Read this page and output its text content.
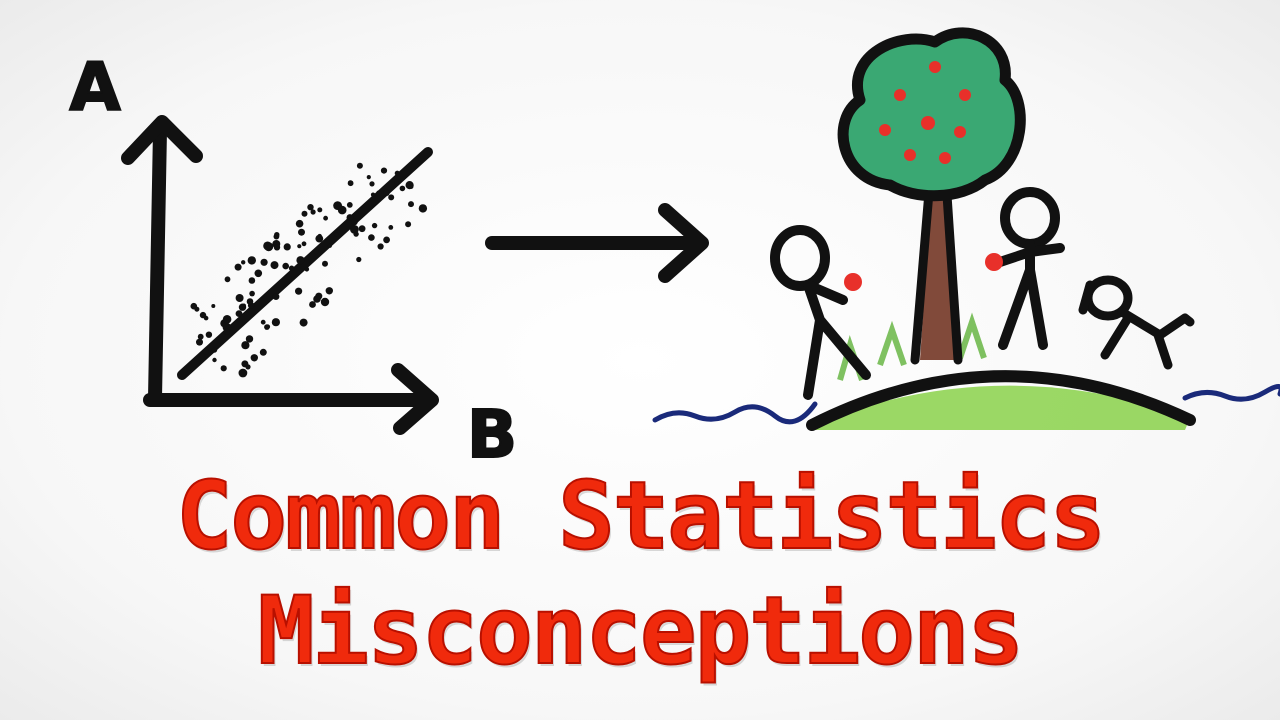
A
B
Common Statistics
Misconceptions
